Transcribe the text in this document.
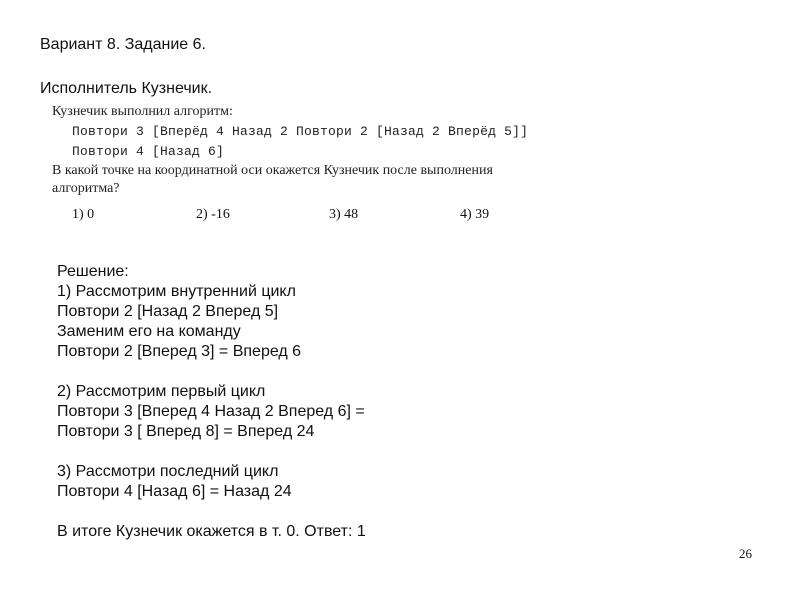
Вариант 8. Задание 6.
Исполнитель Кузнечик.
Кузнечик выполнил алгоритм:
Повтори 3 [Вперёд 4 Назад 2 Повтори 2 [Назад 2 Вперёд 5]]
Повтори 4 [Назад 6]
В какой точке на координатной оси окажется Кузнечик после выполнения
алгоритма?
1) 0	2) -16	3) 48	4) 39
Решение:
1) Рассмотрим внутренний цикл
Повтори 2 [Назад 2 Вперед 5]
Заменим его на команду
Повтори 2 [Вперед 3] = Вперед 6
2) Рассмотрим первый цикл
Повтори 3 [Вперед 4 Назад 2 Вперед 6] =
Повтори 3 [ Вперед 8] = Вперед 24
3) Рассмотри последний цикл
Повтори 4 [Назад 6] = Назад 24
В итоге Кузнечик окажется в т. 0. Ответ: 1
26
